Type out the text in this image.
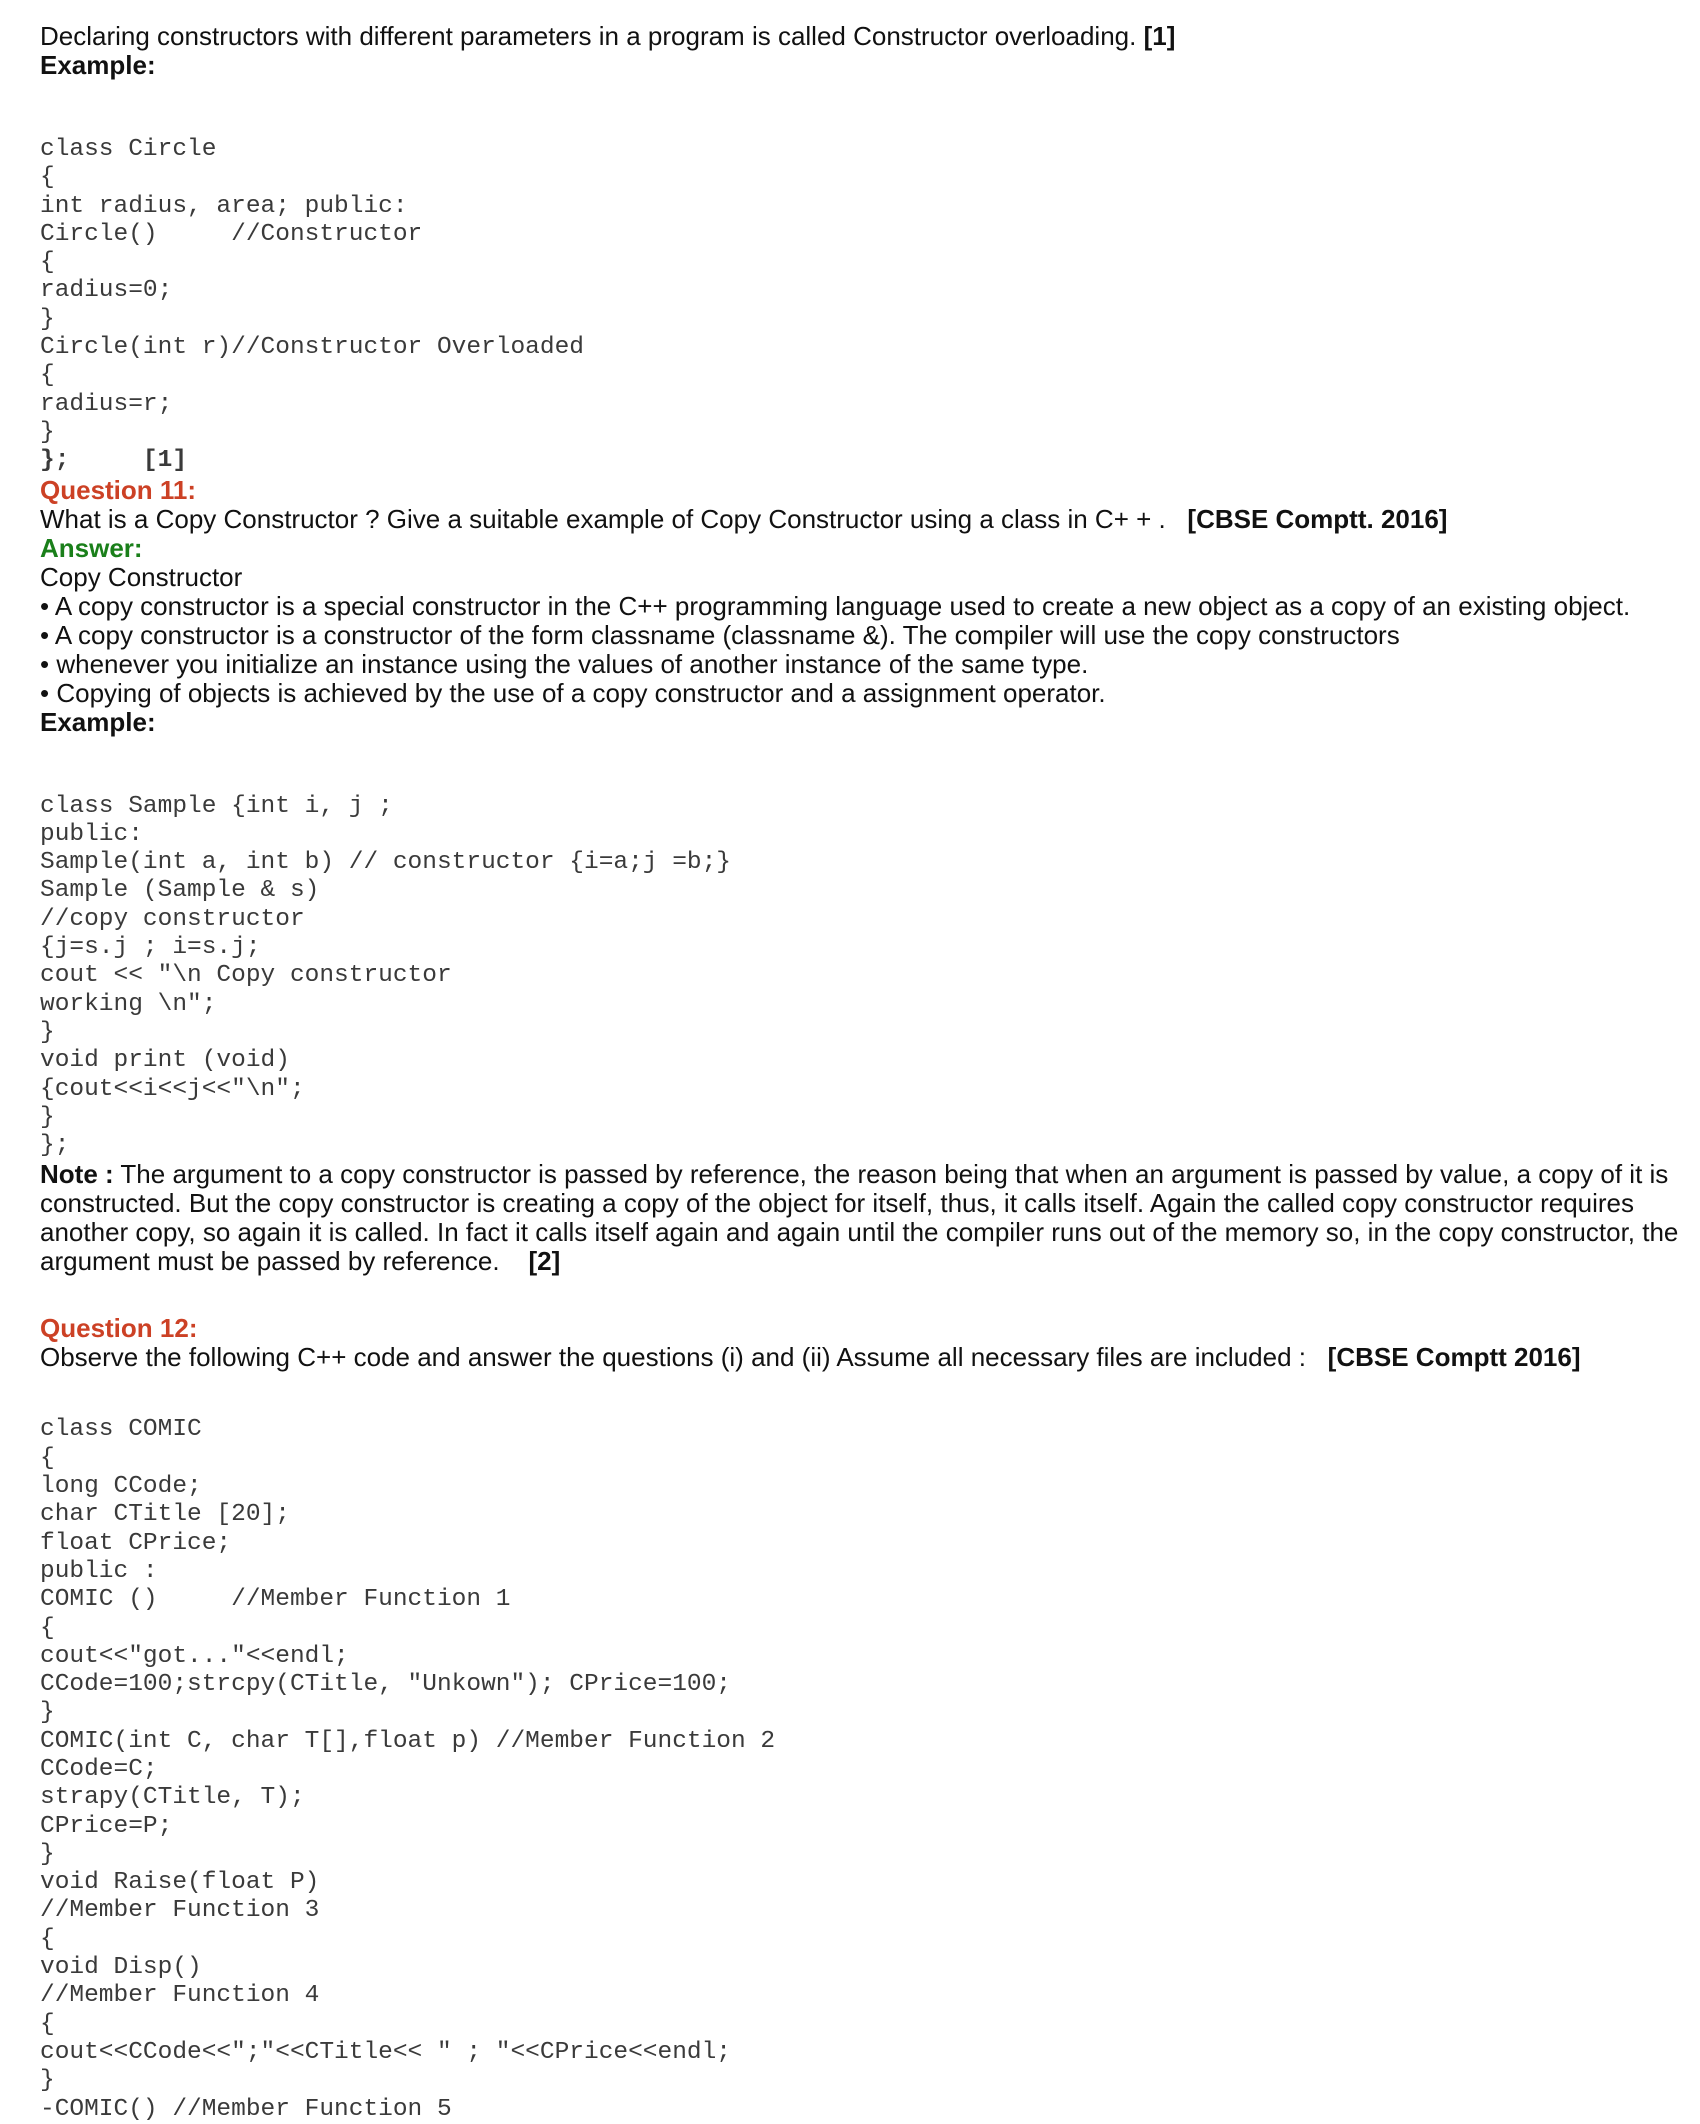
Declaring constructors with different parameters in a program is called Constructor overloading. [1]

Example:

class Circle
{
int radius, area; public:
Circle()     //Constructor
{
radius=0;
}
Circle(int r)//Constructor Overloaded
{
radius=r;
}
};     [1]

Question 11:

What is a Copy Constructor ? Give a suitable example of Copy Constructor using a class in C+ + .   [CBSE Comptt. 2016]

Answer:

Copy Constructor

• A copy constructor is a special constructor in the C++ programming language used to create a new object as a copy of an existing object.

• A copy constructor is a constructor of the form classname (classname &). The compiler will use the copy constructors

• whenever you initialize an instance using the values of another instance of the same type.

• Copying of objects is achieved by the use of a copy constructor and a assignment operator.

Example:

class Sample {int i, j ;
public:
Sample(int a, int b) // constructor {i=a;j =b;}
Sample (Sample & s)
//copy constructor
{j=s.j ; i=s.j;
cout << "\n Copy constructor
working \n";
}
void print (void)
{cout<<i<<j<<"\n";
}
};

Note : The argument to a copy constructor is passed by reference, the reason being that when an argument is passed by value, a copy of it is

constructed. But the copy constructor is creating a copy of the object for itself, thus, it calls itself. Again the called copy constructor requires

another copy, so again it is called. In fact it calls itself again and again until the compiler runs out of the memory so, in the copy constructor, the

argument must be passed by reference.    [2]

Question 12:

Observe the following C++ code and answer the questions (i) and (ii) Assume all necessary files are included :   [CBSE Comptt 2016]

class COMIC
{
long CCode;
char CTitle [20];
float CPrice;
public :
COMIC ()     //Member Function 1
{
cout<<"got..."<<endl;
CCode=100;strcpy(CTitle, "Unkown"); CPrice=100;
}
COMIC(int C, char T[],float p) //Member Function 2
CCode=C;
strapy(CTitle, T);
CPrice=P;
}
void Raise(float P)
//Member Function 3
{
void Disp()
//Member Function 4
{
cout<<CCode<<";"<<CTitle<< " ; "<<CPrice<<endl;
}
-COMIC() //Member Function 5
